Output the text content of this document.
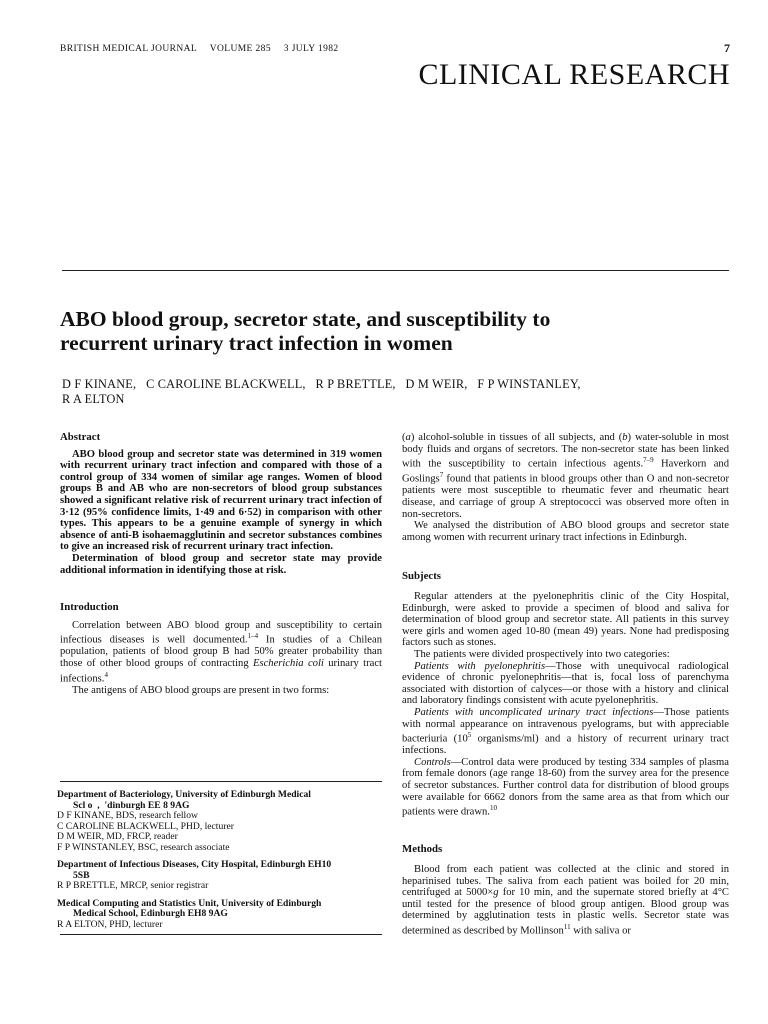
BRITISH MEDICAL JOURNAL VOLUME 285 3 JULY 1982	7
CLINICAL RESEARCH
ABO blood group, secretor state, and susceptibility to
recurrent urinary tract infection in women
D F KINANE,   C CAROLINE BLACKWELL,   R P BRETTLE,   D M WEIR,   F P WINSTANLEY,
R A ELTON

Abstract

ABO blood group and secretor state was determined in 319 women with recurrent urinary tract infection and compared with those of a control group of 334 women of similar age ranges. Women of blood groups B and AB who are non-secretors of blood group substances showed a significant relative risk of recurrent urinary tract infection of 3·12 (95% confidence limits, 1·49 and 6·52) in comparison with other types. This appears to be a genuine example of synergy in which absence of anti-B isohaemagglutinin and secretor substances combines to give an increased risk of recurrent urinary tract infection.

Determination of blood group and secretor state may provide additional information in identifying those at risk.

Introduction

Correlation between ABO blood group and susceptibility to certain infectious diseases is well documented.$^{1-4}$ In studies of a Chilean population, patients of blood group B had 50% greater probability than those of other blood groups of contracting Escherichia coli urinary tract infections.$^4$

The antigens of ABO blood groups are present in two forms:

Department of Bacteriology, University of Edinburgh Medical
Scl o  ,  'dinburgh EE 8 9AG
D F KINANE, BDS, research fellow
C CAROLINE BLACKWELL, PHD, lecturer
D M WEIR, MD, FRCP, reader
F P WINSTANLEY, BSC, research associate
Department of Infectious Diseases, City Hospital, Edinburgh EH10
5SB
R P BRETTLE, MRCP, senior registrar
Medical Computing and Statistics Unit, University of Edinburgh
Medical School, Edinburgh EH8 9AG
R A ELTON, PHD, lecturer

(a) alcohol-soluble in tissues of all subjects, and (b) water-soluble in most body fluids and organs of secretors. The non-secretor state has been linked with the susceptibility to certain infectious agents.$^{7-9}$ Haverkorn and Goslings$^7$ found that patients in blood groups other than O and non-secretor patients were most susceptible to rheumatic fever and rheumatic heart disease, and carriage of group A streptococci was observed more often in non-secretors.

We analysed the distribution of ABO blood groups and secretor state among women with recurrent urinary tract infections in Edinburgh.

Subjects

Regular attenders at the pyelonephritis clinic of the City Hospital, Edinburgh, were asked to provide a specimen of blood and saliva for determination of blood group and secretor state. All patients in this survey were girls and women aged 10-80 (mean 49) years. None had predisposing factors such as stones.

The patients were divided prospectively into two categories:

Patients with pyelonephritis—Those with unequivocal radiological evidence of chronic pyelonephritis—that is, focal loss of parenchyma associated with distortion of calyces—or those with a history and clinical and laboratory findings consistent with acute pyelonephritis.

Patients with uncomplicated urinary tract infections—Those patients with normal appearance on intravenous pyelograms, but with appreciable bacteriuria ($10^5$ organisms/ml) and a history of recurrent urinary tract infections.

Controls—Control data were produced by testing 334 samples of plasma from female donors (age range 18-60) from the survey area for the presence of secretor substances. Further control data for distribution of blood groups were available for 6662 donors from the same area as that from which our patients were drawn.$^{10}$

Methods

Blood from each patient was collected at the clinic and stored in heparinised tubes. The saliva from each patient was boiled for 20 min, centrifuged at 5000×g for 10 min, and the supernate stored briefly at 4°C until tested for the presence of blood group antigen. Blood group was determined by agglutination tests in plastic wells. Secretor state was determined as described by Mollinson$^{11}$ with saliva or
